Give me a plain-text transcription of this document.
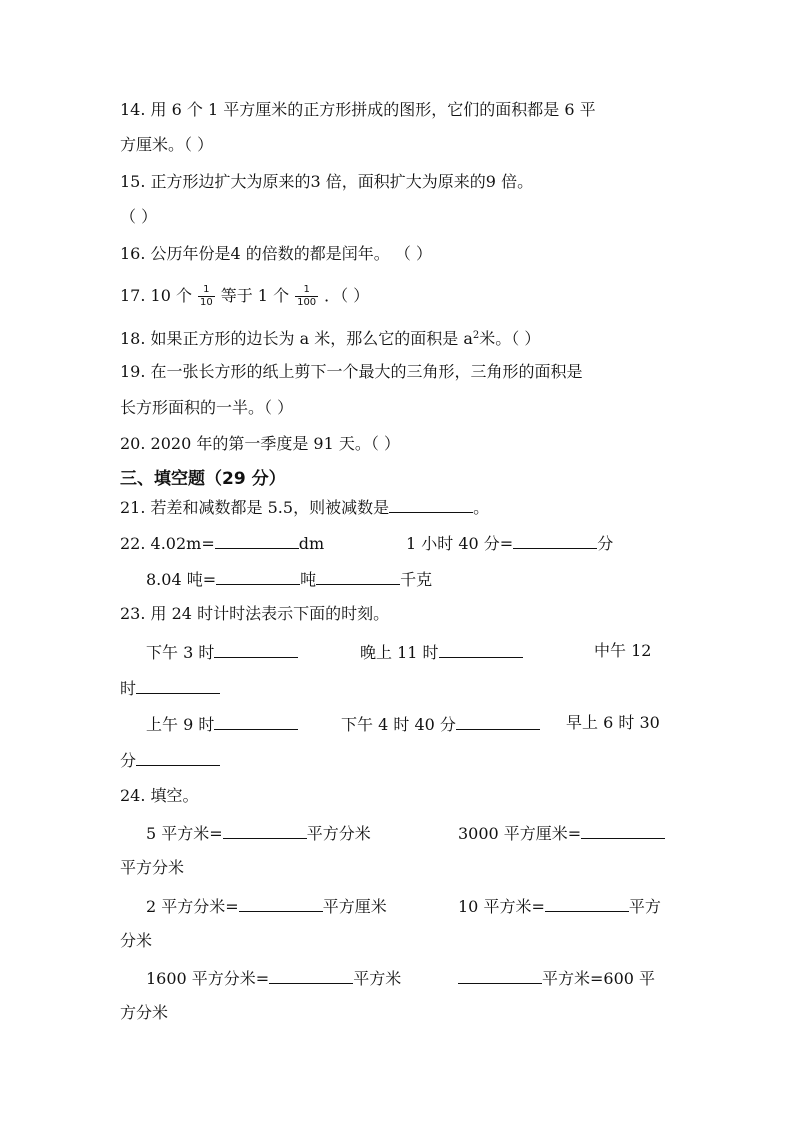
14. 用 6 个 1 平方厘米的正方形拼成的图形，它们的面积都是 6 平
方厘米。（ ）
15. 正方形边扩大为原来的3 倍，面积扩大为原来的9 倍。
（ ）
16. 公历年份是4 的倍数的都是闰年。 （ ）
17. 10 个 $\frac{1}{10}$ 等于 1 个 $\frac{1}{100}$ ．（ ）
18. 如果正方形的边长为 a 米，那么它的面积是 $a^2$米。（ ）
19. 在一张长方形的纸上剪下一个最大的三角形，三角形的面积是
长方形面积的一半。（ ）
20. 2020 年的第一季度是 91 天。（ ）
三、填空题（29 分）
21. 若差和减数都是 5.5，则被减数是	。
22. 4.02m=	dm	1 小时 40 分=	分
8.04 吨=	吨	千克
23. 用 24 时计时法表示下面的时刻。
下午 3 时	晚上 11 时	中午 12
时
上午 9 时	下午 4 时 40 分	早上 6 时 30
分
24. 填空。
5 平方米=	平方分米	3000 平方厘米=
平方分米
2 平方分米=	平方厘米	10 平方米=	平方
分米
1600 平方分米=	平方米	平方米=600 平
方分米
